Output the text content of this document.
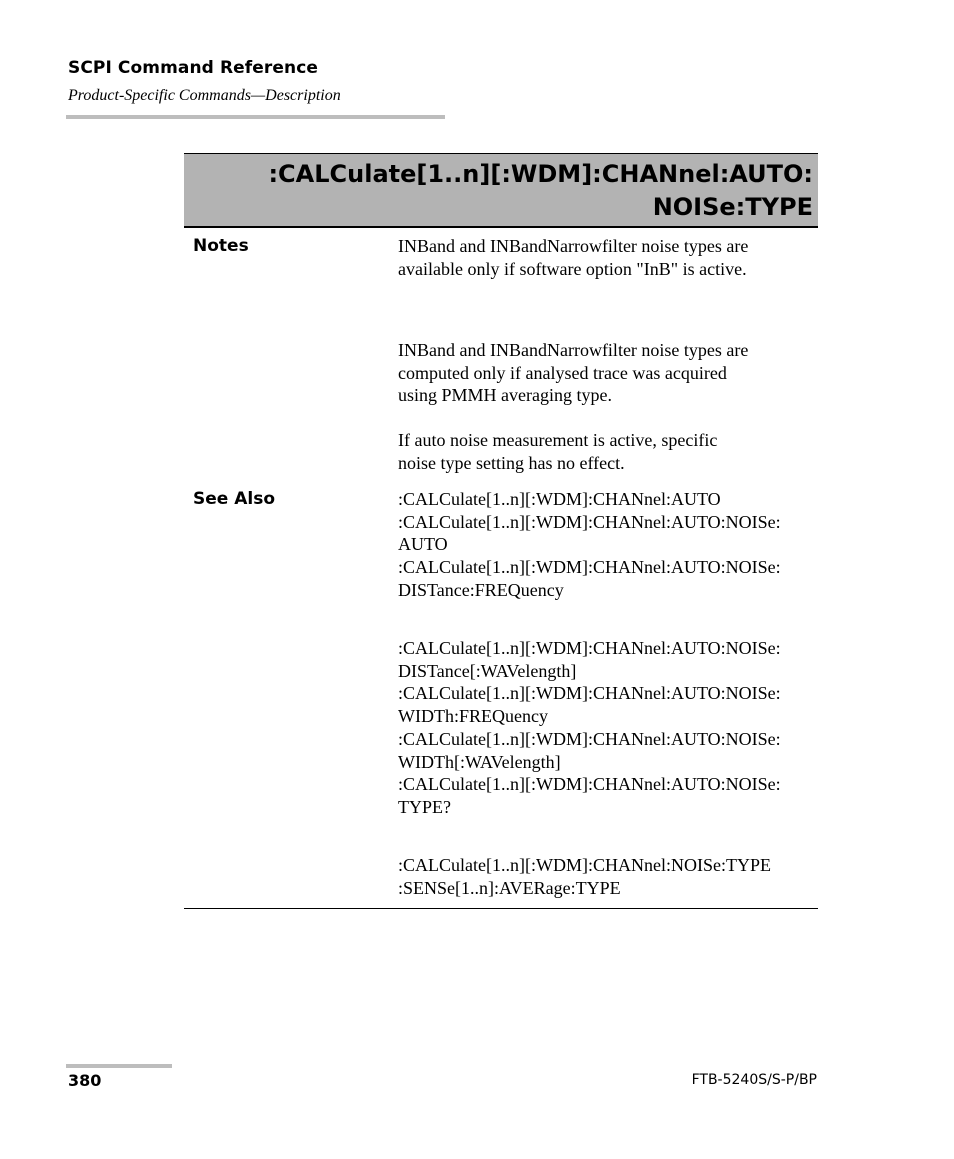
SCPI Command Reference
Product-Specific Commands—Description
:CALCulate[1..n][:WDM]:CHANnel:AUTO:
NOISe:TYPE
Notes	INBand and INBandNarrowfilter noise types are
available only if software option "InB" is active.
INBand and INBandNarrowfilter noise types are
computed only if analysed trace was acquired
using PMMH averaging type.
If auto noise measurement is active, specific
noise type setting has no effect.
See Also	:CALCulate[1..n][:WDM]:CHANnel:AUTO
:CALCulate[1..n][:WDM]:CHANnel:AUTO:NOISe:
AUTO
:CALCulate[1..n][:WDM]:CHANnel:AUTO:NOISe:
DISTance:FREQuency
:CALCulate[1..n][:WDM]:CHANnel:AUTO:NOISe:
DISTance[:WAVelength]
:CALCulate[1..n][:WDM]:CHANnel:AUTO:NOISe:
WIDTh:FREQuency
:CALCulate[1..n][:WDM]:CHANnel:AUTO:NOISe:
WIDTh[:WAVelength]
:CALCulate[1..n][:WDM]:CHANnel:AUTO:NOISe:
TYPE?
:CALCulate[1..n][:WDM]:CHANnel:NOISe:TYPE
:SENSe[1..n]:AVERage:TYPE
380	FTB-5240S/S-P/BP
